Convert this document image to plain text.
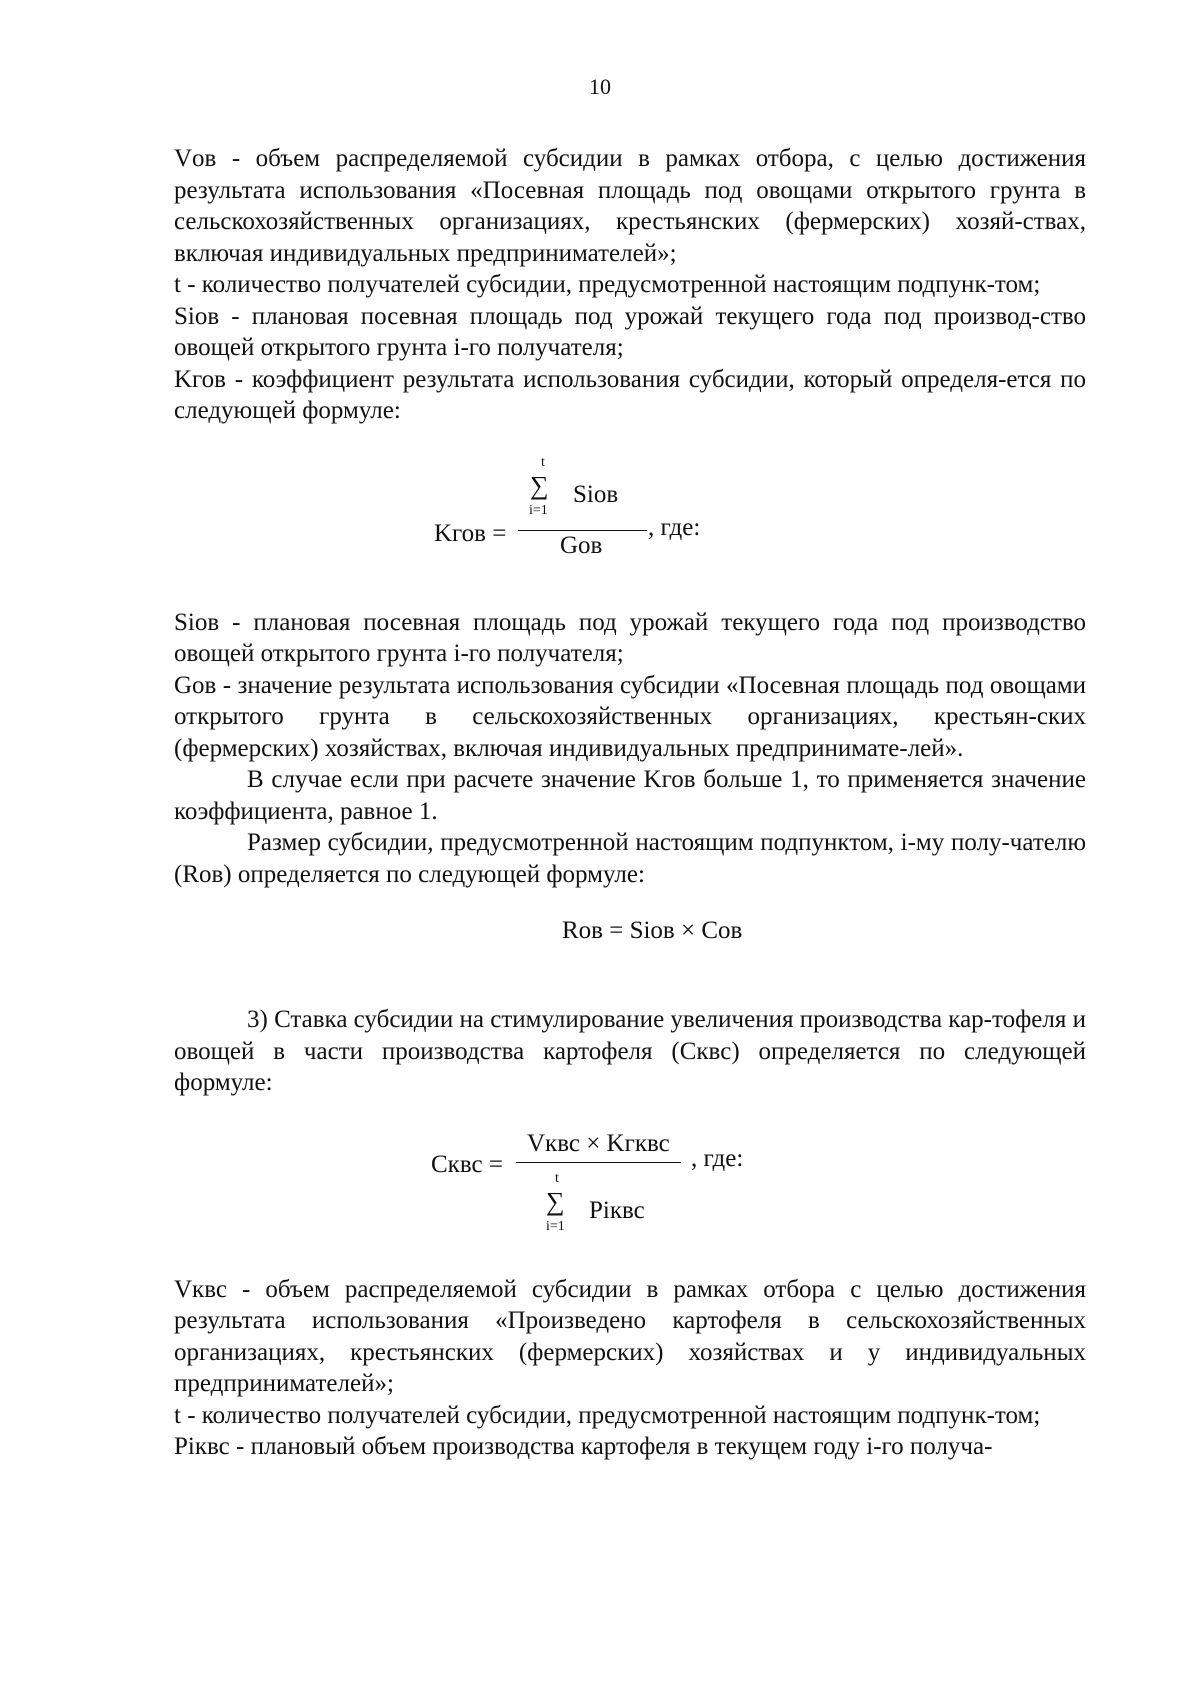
10

Vов - объем распределяемой субсидии в рамках отбора, с целью достижения результата использования «Посевная площадь под овощами открытого грунта в сельскохозяйственных организациях, крестьянских (фермерских) хозяй-ствах, включая индивидуальных предпринимателей»;

t - количество получателей субсидии, предусмотренной настоящим подпунк-том;

Siов - плановая посевная площадь под урожай текущего года под производ-ство овощей открытого грунта i-го получателя;

Kгов - коэффициент результата использования субсидии, который определя-ется по следующей формуле:

Kгов =
t
∑
i=1
Siов
Gов
, где:

Siов - плановая посевная площадь под урожай текущего года под производство овощей открытого грунта i-го получателя;

Gов - значение результата использования субсидии «Посевная площадь под овощами открытого грунта в сельскохозяйственных организациях, крестьян-ских (фермерских) хозяйствах, включая индивидуальных предпринимате-лей».

В случае если при расчете значение Kгов больше 1, то применяется значение коэффициента, равное 1.

Размер субсидии, предусмотренной настоящим подпунктом, i-му полу-чателю (Rов) определяется по следующей формуле:

Rов = Siов × Cов

3) Ставка субсидии на стимулирование увеличения производства кар-тофеля и овощей в части производства картофеля (Cквс) определяется по следующей формуле:

Cквс =
Vквс × Kгквс
, где:
t
∑
i=1
Piквс

Vквс - объем распределяемой субсидии в рамках отбора с целью достижения результата использования «Произведено картофеля в сельскохозяйственных организациях, крестьянских (фермерских) хозяйствах и у индивидуальных предпринимателей»;

t - количество получателей субсидии, предусмотренной настоящим подпунк-том;

Piквс - плановый объем производства картофеля в текущем году i-го получа-
